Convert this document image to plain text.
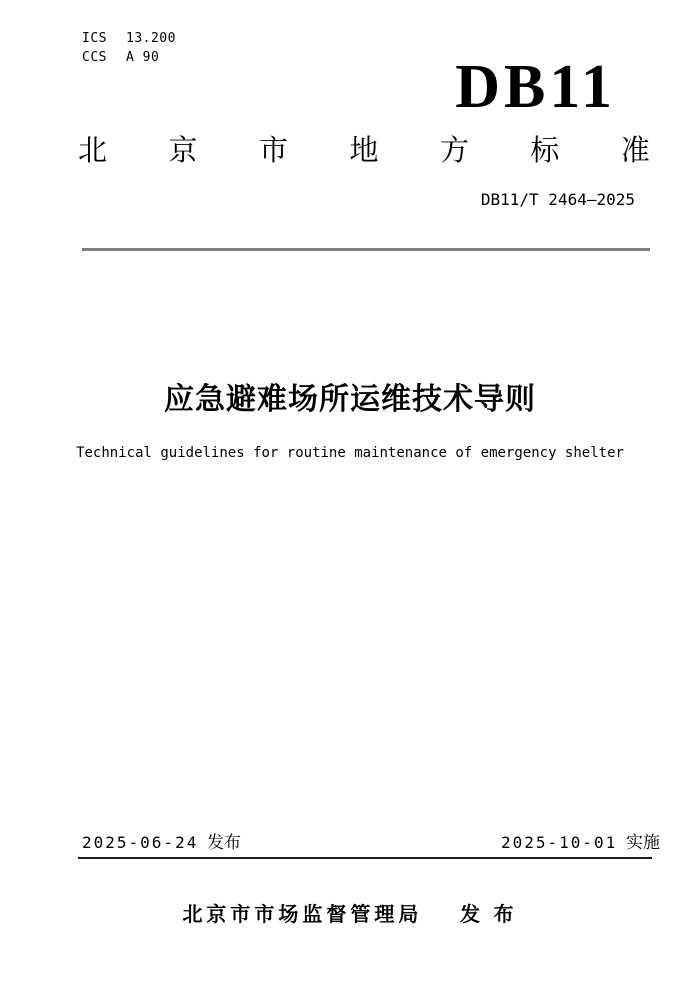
ICS	13.200
CCS	A 90	DB11
北 京 市 地 方 标 准
DB11/T 2464—2025
应急避难场所运维技术导则
Technical guidelines for routine maintenance of emergency shelter
2025-06-24 发布	2025-10-01 实施
北京市市场监督管理局 发 布
